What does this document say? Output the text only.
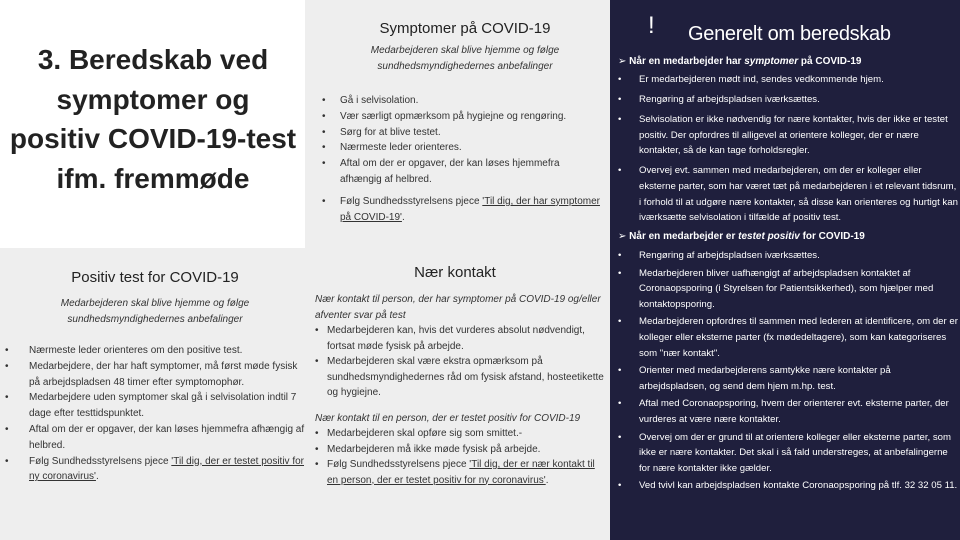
3. Beredskab ved symptomer og positiv COVID-19-test ifm. fremmøde
Symptomer på COVID-19
Medarbejderen skal blive hjemme og følge sundhedsmyndighedernes anbefalinger
• Gå i selvisolation.
• Vær særligt opmærksom på hygiejne og rengøring.
• Sørg for at blive testet.
• Nærmeste leder orienteres.
• Aftal om der er opgaver, der kan løses hjemmefra afhængig af helbred.
• Følg Sundhedsstyrelsens pjece 'Til dig, der har symptomer på COVID-19'.
Positiv test for COVID-19
Medarbejderen skal blive hjemme og følge sundhedsmyndighedernes anbefalinger
• Nærmeste leder orienteres om den positive test.
• Medarbejdere, der har haft symptomer, må først møde fysisk på arbejdspladsen 48 timer efter symptomophør.
• Medarbejdere uden symptomer skal gå i selvisolation indtil 7 dage efter testtidspunktet.
• Aftal om der er opgaver, der kan løses hjemmefra afhængig af helbred.
• Følg Sundhedsstyrelsens pjece 'Til dig, der er testet positiv for ny coronavirus'.
Nær kontakt
Nær kontakt til person, der har symptomer på COVID-19 og/eller afventer svar på test
• Medarbejderen kan, hvis det vurderes absolut nødvendigt, fortsat møde fysisk på arbejde.
• Medarbejderen skal være ekstra opmærksom på sundhedsmyndighedernes råd om fysisk afstand, hostеetikette og hygiejne.
Nær kontakt til en person, der er testet positiv for COVID-19
• Medarbejderen skal opføre sig som smittet.-
• Medarbejderen må ikke møde fysisk på arbejde.
• Følg Sundhedsstyrelsens pjece 'Til dig, der er nær kontakt til en person, der er testet positiv for ny coronavirus'.
! Generelt om beredskab
➢ Når en medarbejder har symptomer på COVID-19
• Er medarbejderen mødt ind, sendes vedkommende hjem.
• Rengøring af arbejdspladsen iværksættes.
• Selvisolation er ikke nødvendig for nære kontakter, hvis der ikke er testet positiv. Der opfordres til alligevel at orientere kolleger, der er nære kontakter, så de kan tage forholdsregler.
• Overvej evt. sammen med medarbejderen, om der er kolleger eller eksterne parter, som har været tæt på medarbejderen i et relevant tidsrum, i forhold til at udgøre nære kontakter, så disse kan orienteres og hurtigt kan iværksætte selvisolation i tilfælde af positiv test.
➢ Når en medarbejder er testet positiv for COVID-19
• Rengøring af arbejdspladsen iværksættes.
• Medarbejderen bliver uafhængigt af arbejdspladsen kontaktet af Coronaopsporing (i Styrelsen for Patientsikkerhed), som hjælper med kontaktopsporing.
• Medarbejderen opfordres til sammen med lederen at identificere, om der er kolleger eller eksterne parter (fx mødedeltagere), som kan kategoriseres som "nær kontakt".
• Orienter med medarbejderens samtykke nære kontakter på arbejdspladsen, og send dem hjem m.hp. test.
• Aftal med Coronaopsporing, hvem der orienterer evt. eksterne parter, der vurderes at være nære kontakter.
• Overvej om der er grund til at orientere kolleger eller eksterne parter, som ikke er nære kontakter. Det skal i så fald understreges, at anbefalingerne for nære kontakter ikke gælder.
• Ved tvivl kan arbejdspladsen kontakte Coronaopsporing på tlf. 32 32 05 11.
